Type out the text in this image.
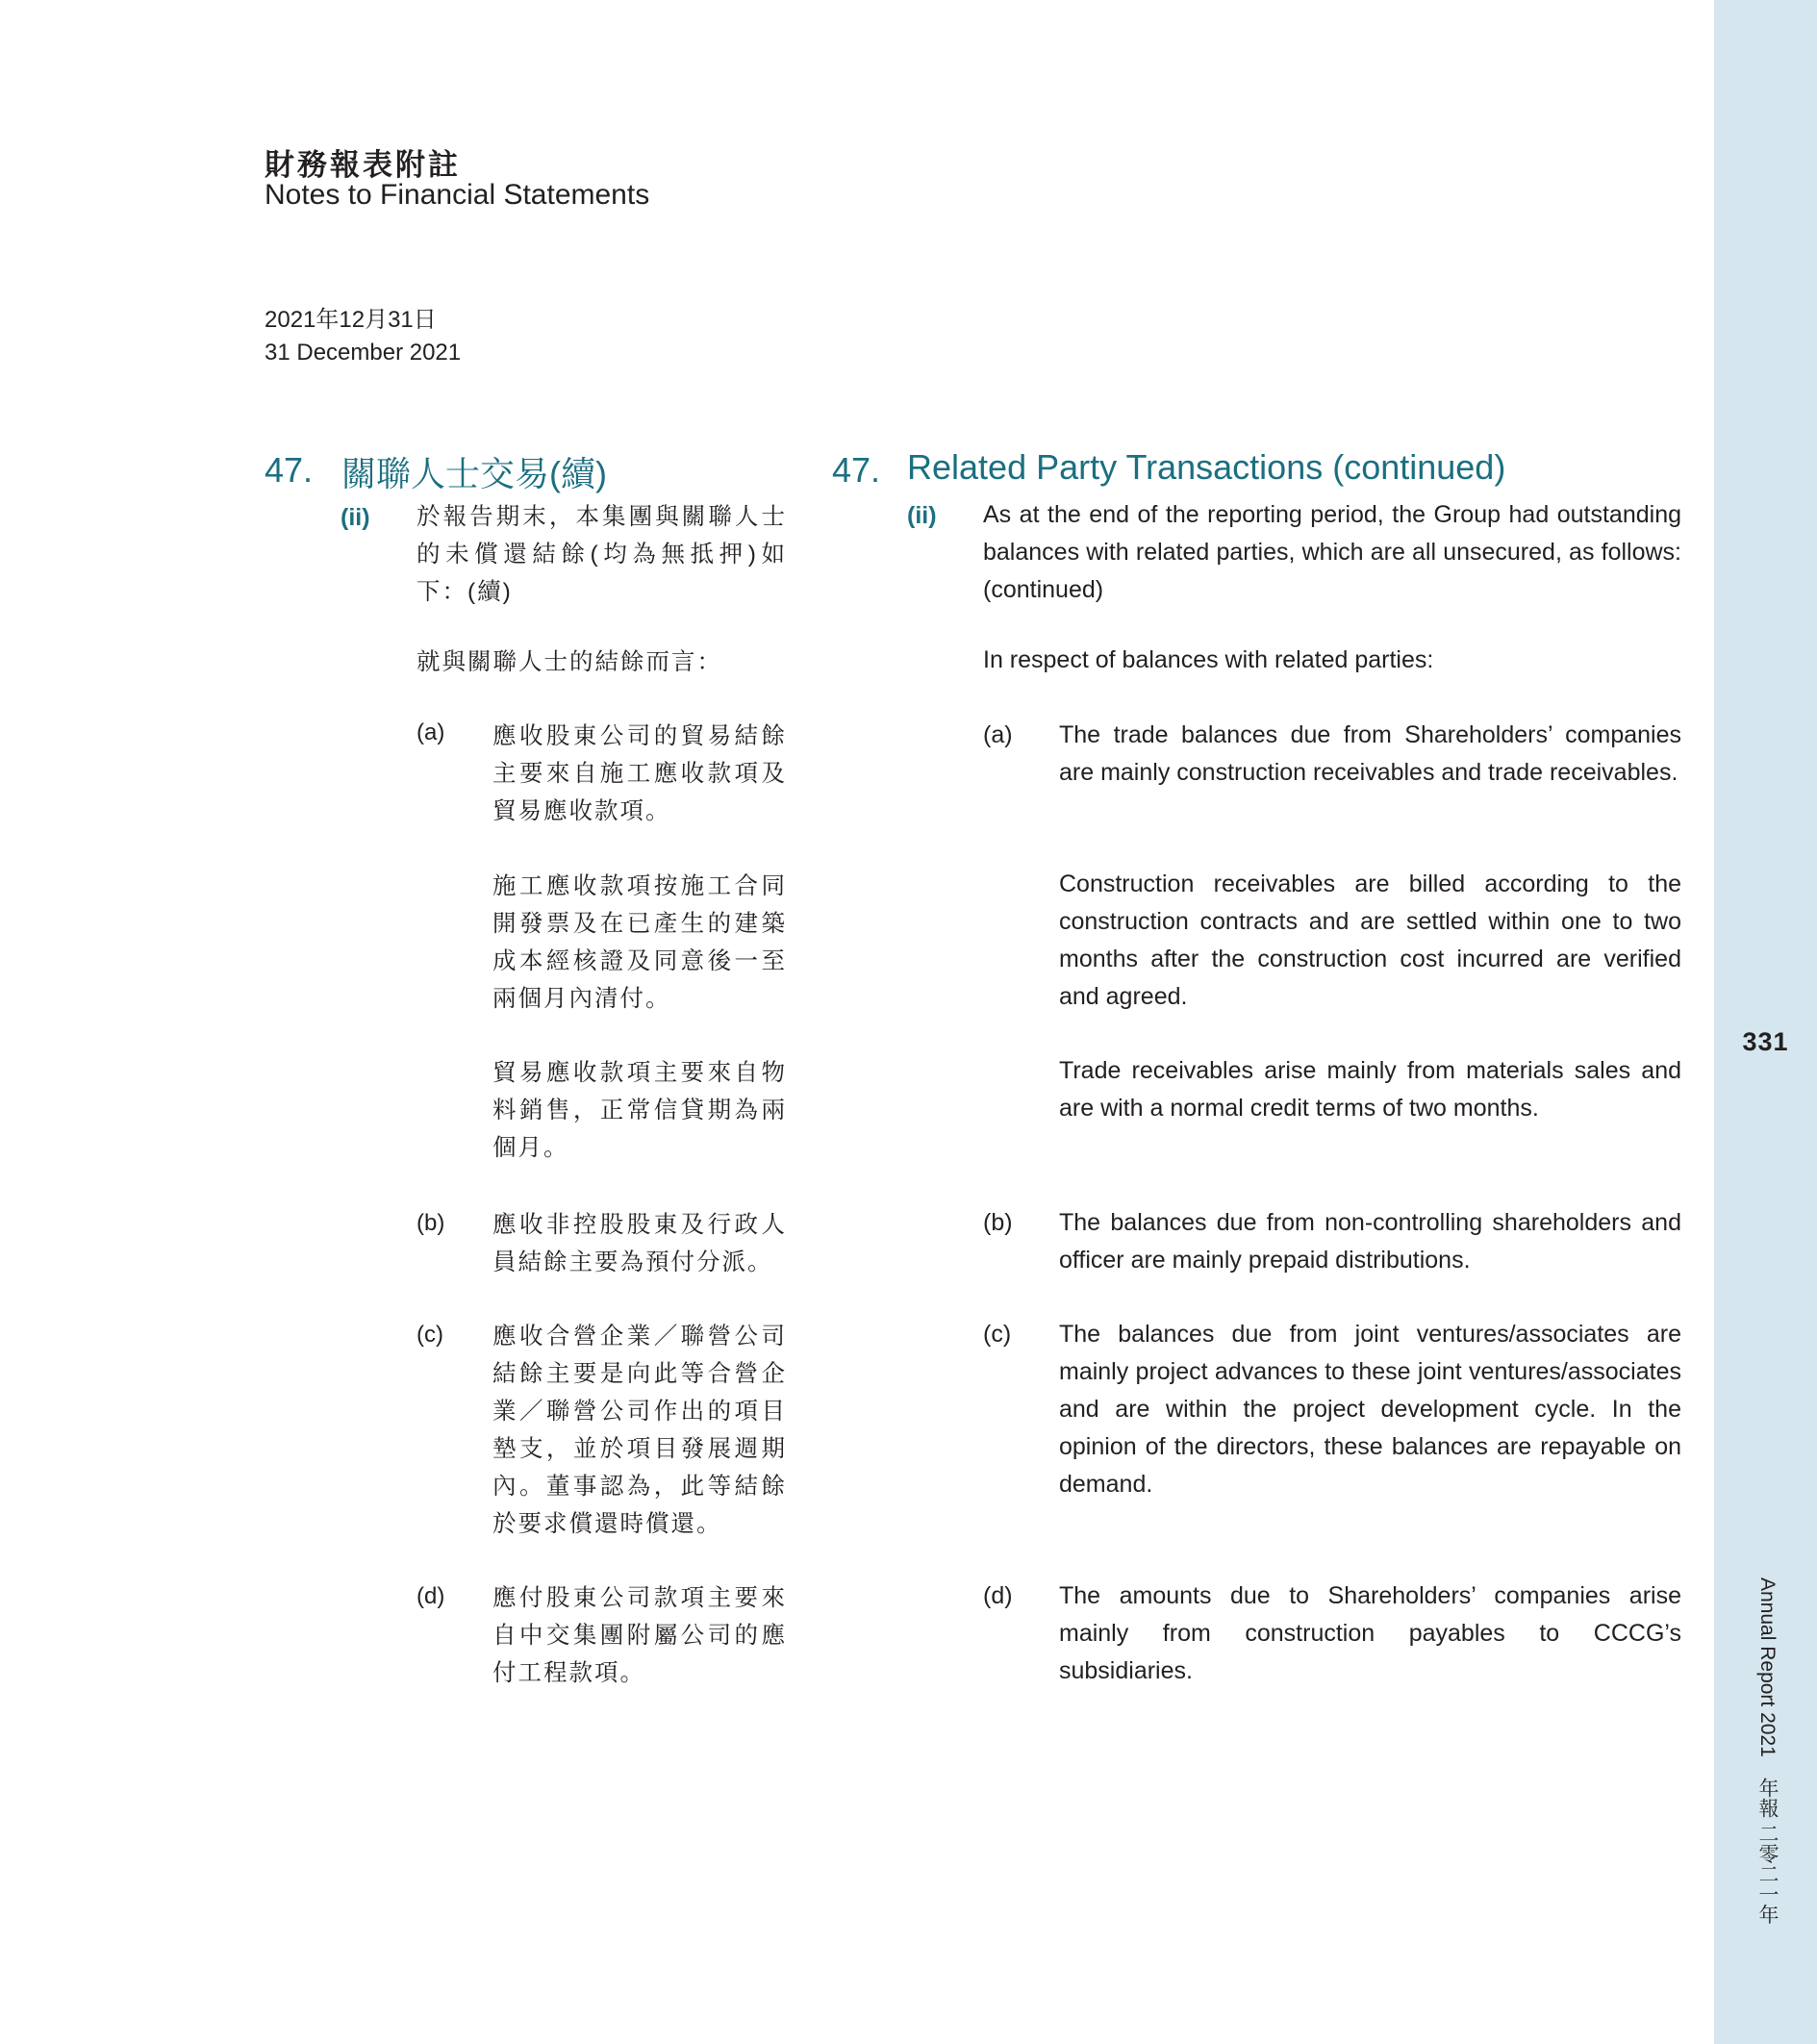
331
Annual Report 2021　年報 二零二一年
財務報表附註
Notes to Financial Statements
2021年12月31日
31 December 2021
47. 關聯人士交易(續)
(ii) 於報告期末，本集團與關聯人士的未償還結餘(均為無抵押)如下：(續)
就與關聯人士的結餘而言：
(a) 應收股東公司的貿易結餘主要來自施工應收款項及貿易應收款項。
施工應收款項按施工合同開發票及在已產生的建築成本經核證及同意後一至兩個月內清付。
貿易應收款項主要來自物料銷售，正常信貸期為兩個月。
(b) 應收非控股股東及行政人員結餘主要為預付分派。
(c) 應收合營企業／聯營公司結餘主要是向此等合營企業／聯營公司作出的項目墊支，並於項目發展週期內。董事認為，此等結餘於要求償還時償還。
(d) 應付股東公司款項主要來自中交集團附屬公司的應付工程款項。
47. Related Party Transactions (continued)
(ii) As at the end of the reporting period, the Group had outstanding balances with related parties, which are all unsecured, as follows: (continued)
In respect of balances with related parties:
(a) The trade balances due from Shareholders’ companies are mainly construction receivables and trade receivables.
Construction receivables are billed according to the construction contracts and are settled within one to two months after the construction cost incurred are verified and agreed.
Trade receivables arise mainly from materials sales and are with a normal credit terms of two months.
(b) The balances due from non-controlling shareholders and officer are mainly prepaid distributions.
(c) The balances due from joint ventures/associates are mainly project advances to these joint ventures/associates and are within the project development cycle. In the opinion of the directors, these balances are repayable on demand.
(d) The amounts due to Shareholders’ companies arise mainly from construction payables to CCCG’s subsidiaries.
